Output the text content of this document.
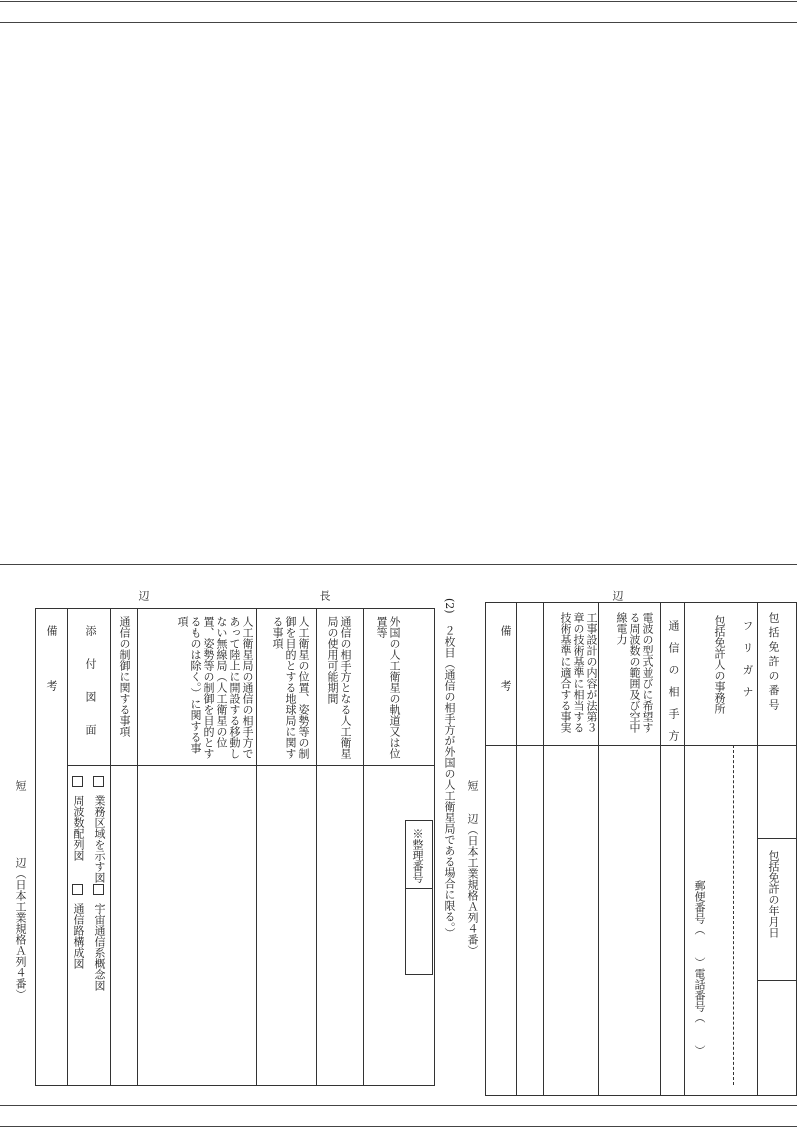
辺
短　　辺（日本工業規格Ａ列４番）
包 括 免 許 の 番 号
包括免許の年月日
フ　リ　ガ　ナ
包括免許人の事務所
郵便番号（　　）電話番号（　　）
通　信　の　相　手　方
電波の型式並びに希望する周波数の範囲及び空中線電力
工事設計の内容が法第３章の技術基準に相当する技術基準に適合する事実
備　　　　考
(2)　２枚目（通信の相手方が外国の人工衛星局である場合に限る。）
辺	長
短　　　　　　辺（日本工業規格Ａ列４番）	※整理番号
外国の人工衛星の軌道又は位置等
通信の相手方となる人工衛星局の使用可能期間
人工衛星の位置、姿勢等の制御を目的とする地球局に関する事項
人工衛星局の通信の相手方であって陸上に開設する移動しない無線局（人工衛星の位置、姿勢等の制御を目的とするものは除く。）に関する事項
通信の制御に関する事項
添　　付　　図　　面
備　　　　考
業務区域を示す図
宇宙通信系概念図
周波数配列図
通信路構成図
